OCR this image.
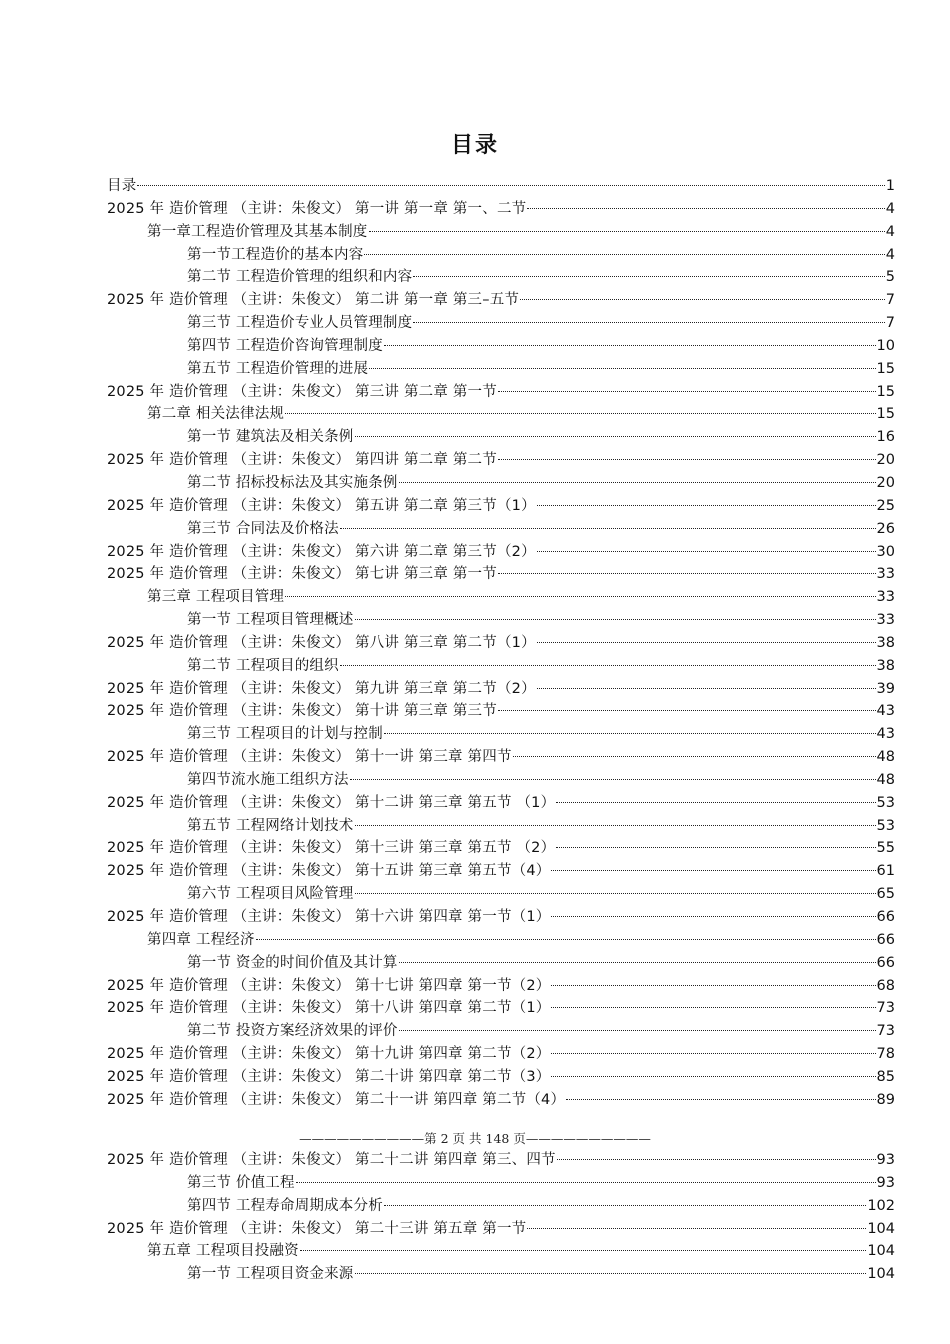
目录
目录	1
2025 年 造价管理 （主讲：朱俊文） 第一讲 第一章 第一、二节	4
第一章工程造价管理及其基本制度	4
第一节工程造价的基本内容	4
第二节 工程造价管理的组织和内容	5
2025 年 造价管理 （主讲：朱俊文） 第二讲 第一章 第三–五节	7
第三节 工程造价专业人员管理制度	7
第四节 工程造价咨询管理制度	10
第五节 工程造价管理的进展	15
2025 年 造价管理 （主讲：朱俊文） 第三讲 第二章 第一节	15
第二章 相关法律法规	15
第一节 建筑法及相关条例	16
2025 年 造价管理 （主讲：朱俊文） 第四讲 第二章 第二节	20
第二节 招标投标法及其实施条例	20
2025 年 造价管理 （主讲：朱俊文） 第五讲 第二章 第三节（1）	25
第三节 合同法及价格法	26
2025 年 造价管理 （主讲：朱俊文） 第六讲 第二章 第三节（2）	30
2025 年 造价管理 （主讲：朱俊文） 第七讲 第三章 第一节	33
第三章 工程项目管理	33
第一节 工程项目管理概述	33
2025 年 造价管理 （主讲：朱俊文） 第八讲 第三章 第二节（1）	38
第二节 工程项目的组织	38
2025 年 造价管理 （主讲：朱俊文） 第九讲 第三章 第二节（2）	39
2025 年 造价管理 （主讲：朱俊文） 第十讲 第三章 第三节	43
第三节 工程项目的计划与控制	43
2025 年 造价管理 （主讲：朱俊文） 第十一讲 第三章 第四节	48
第四节流水施工组织方法	48
2025 年 造价管理 （主讲：朱俊文） 第十二讲 第三章 第五节 （1）	53
第五节 工程网络计划技术	53
2025 年 造价管理 （主讲：朱俊文） 第十三讲 第三章 第五节 （2）	55
2025 年 造价管理 （主讲：朱俊文） 第十五讲 第三章 第五节（4）	61
第六节 工程项目风险管理	65
2025 年 造价管理 （主讲：朱俊文） 第十六讲 第四章 第一节（1）	66
第四章 工程经济	66
第一节 资金的时间价值及其计算	66
2025 年 造价管理 （主讲：朱俊文） 第十七讲 第四章 第一节（2）	68
2025 年 造价管理 （主讲：朱俊文） 第十八讲 第四章 第二节（1）	73
第二节 投资方案经济效果的评价	73
2025 年 造价管理 （主讲：朱俊文） 第十九讲 第四章 第二节（2）	78
2025 年 造价管理 （主讲：朱俊文） 第二十讲 第四章 第二节（3）	85
2025 年 造价管理 （主讲：朱俊文） 第二十一讲 第四章 第二节（4）	89
——————————第 2 页 共 148 页——————————
2025 年 造价管理 （主讲：朱俊文） 第二十二讲 第四章 第三、四节	93
第三节 价值工程	93
第四节 工程寿命周期成本分析	102
2025 年 造价管理 （主讲：朱俊文） 第二十三讲 第五章 第一节	104
第五章 工程项目投融资	104
第一节 工程项目资金来源	104
